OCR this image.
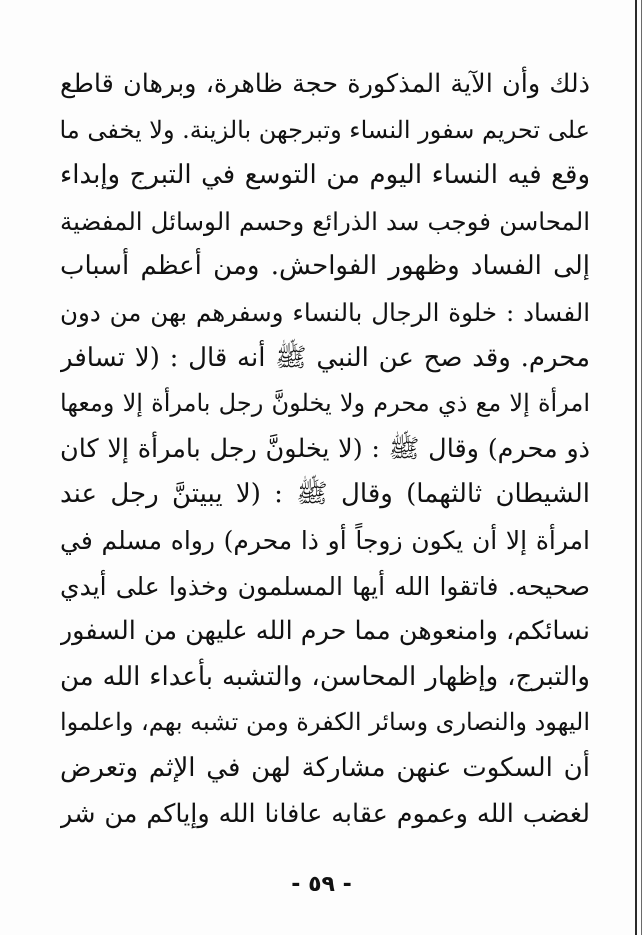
ذلك وأن الآية المذكورة حجة ظاهرة، وبرهان قاطع
على تحريم سفور النساء وتبرجهن بالزينة. ولا يخفى ما
وقع فيه النساء اليوم من التوسع في التبرج وإبداء
المحاسن فوجب سد الذرائع وحسم الوسائل المفضية
إلى الفساد وظهور الفواحش. ومن أعظم أسباب
الفساد : خلوة الرجال بالنساء وسفرهم بهن من دون
محرم. وقد صح عن النبي ﷺ أنه قال : (لا تسافر
امرأة إلا مع ذي محرم ولا يخلونَّ رجل بامرأة إلا ومعها
ذو محرم) وقال ﷺ : (لا يخلونَّ رجل بامرأة إلا كان
الشيطان ثالثهما) وقال ﷺ : (لا يبيتنَّ رجل عند
امرأة إلا أن يكون زوجاً أو ذا محرم) رواه مسلم في
صحيحه. فاتقوا الله أيها المسلمون وخذوا على أيدي
نسائكم، وامنعوهن مما حرم الله عليهن من السفور
والتبرج، وإظهار المحاسن، والتشبه بأعداء الله من
اليهود والنصارى وسائر الكفرة ومن تشبه بهم، واعلموا
أن السكوت عنهن مشاركة لهن في الإثم وتعرض
لغضب الله وعموم عقابه عافانا الله وإياكم من شر
- ٥٩ -
